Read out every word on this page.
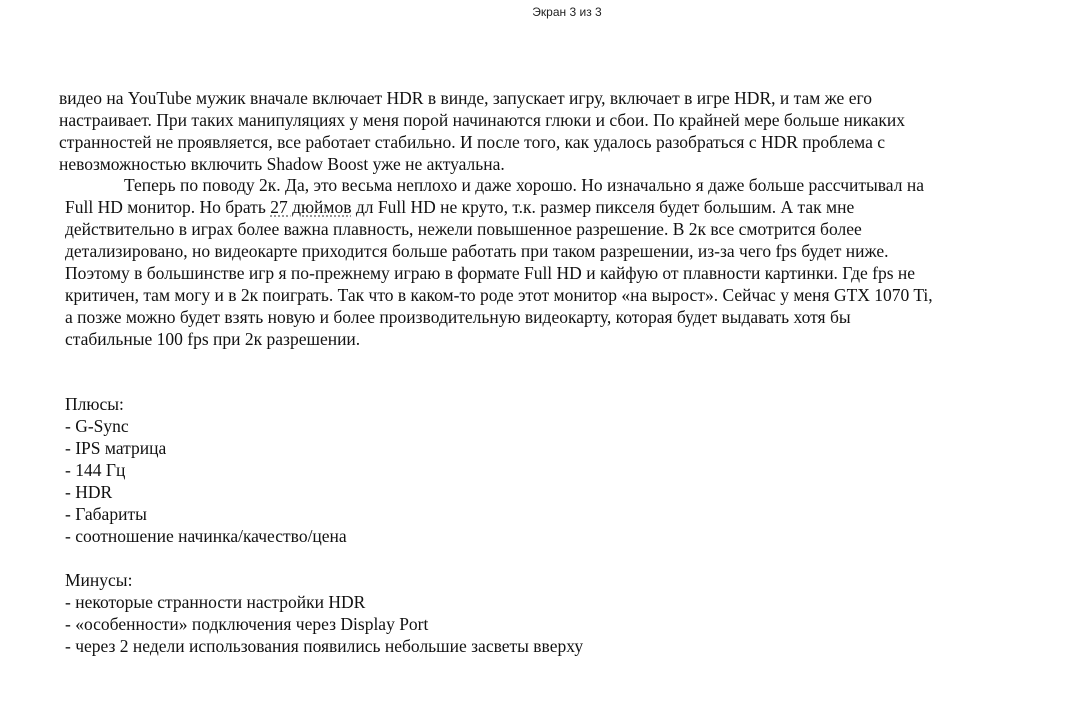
Экран 3 из 3
видео на YouTube мужик вначале включает HDR в винде, запускает игру, включает в игре HDR, и там же его
настраивает. При таких манипуляциях у меня порой начинаются глюки и сбои. По крайней мере больше никаких
странностей не проявляется, все работает стабильно. И после того, как удалось разобраться с HDR проблема с
невозможностью включить Shadow Boost уже не актуальна.
Теперь по поводу 2к. Да, это весьма неплохо и даже хорошо. Но изначально я даже больше рассчитывал на
Full HD монитор. Но брать 27 дюймов дл Full HD не круто, т.к. размер пикселя будет большим. А так мне
действительно в играх более важна плавность, нежели повышенное разрешение. В 2к все смотрится более
детализировано, но видеокарте приходится больше работать при таком разрешении, из-за чего fps будет ниже.
Поэтому в большинстве игр я по-прежнему играю в формате Full HD и кайфую от плавности картинки. Где fps не
критичен, там могу и в 2к поиграть. Так что в каком-то роде этот монитор «на вырост». Сейчас у меня GTX 1070 Ti,
а позже можно будет взять новую и более производительную видеокарту, которая будет выдавать хотя бы
стабильные 100 fps при 2к разрешении.
Плюсы:
- G-Sync
- IPS матрица
- 144 Гц
- HDR
- Габариты
- соотношение начинка/качество/цена
Минусы:
- некоторые странности настройки HDR
- «особенности» подключения через Display Port
- через 2 недели использования появились небольшие засветы вверху
